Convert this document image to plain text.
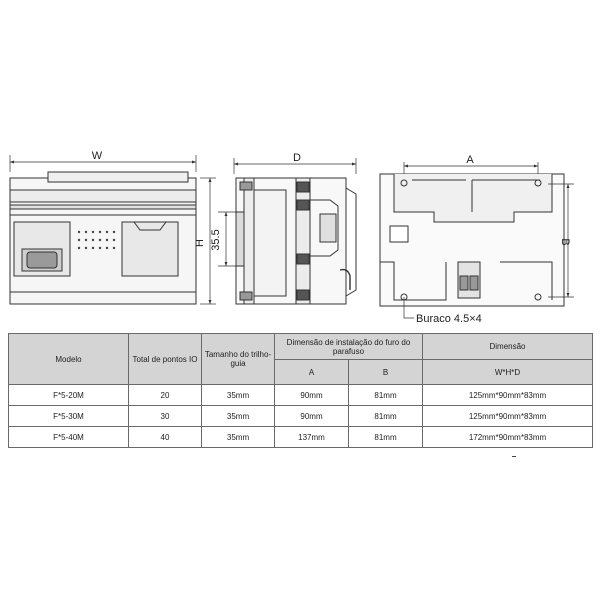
W
H 35.5
D	A
B
Buraco 4.5×4
Modelo	Total de pontos IO	Tamanho do trilho-guia	Dimensão de instalação do furo do parafuso		Dimensão
			A	B	W*H*D
F*5-20M	20	35mm	90mm	81mm	125mm*90mm*83mm
F*5-30M	30	35mm	90mm	81mm	125mm*90mm*83mm
F*5-40M	40	35mm	137mm	81mm	172mm*90mm*83mm
